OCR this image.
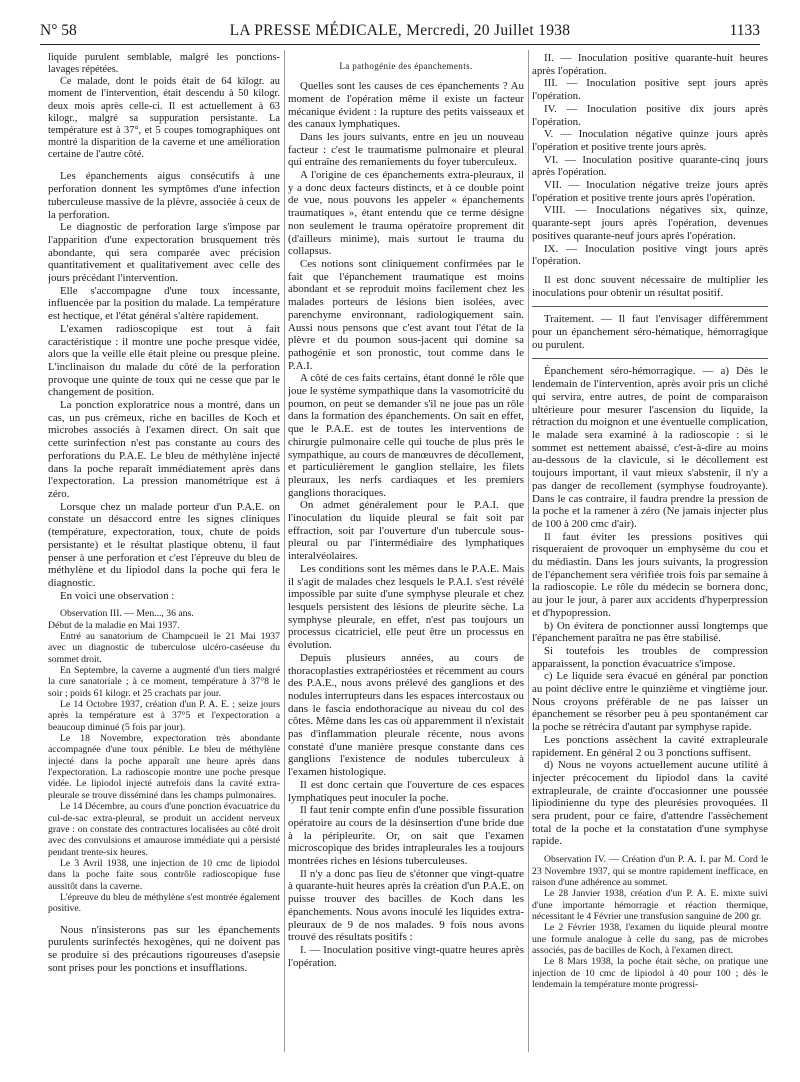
LA PRESSE MÉDICALE, Mercredi, 20 Juillet 1938
N° 58	1133

liquide purulent semblable, malgré les ponctions-lavages répétées.

Ce malade, dont le poids était de 64 kilogr. au moment de l'intervention, était descendu à 50 kilogr. deux mois après celle-ci. Il est actuellement à 63 kilogr., malgré sa suppuration persistante. La température est à 37°, et 5 coupes tomographiques ont montré la disparition de la caverne et une amélioration certaine de l'autre côté.

Les épanchements aigus consécutifs à une perforation donnent les symptômes d'une infection tuberculeuse massive de la plèvre, associée à ceux de la perforation.

Le diagnostic de perforation large s'impose par l'apparition d'une expectoration brusquement très abondante, qui sera comparée avec précision quantitativement et qualitativement avec celle des jours précédant l'intervention.

Elle s'accompagne d'une toux incessante, influencée par la position du malade. La température est hectique, et l'état général s'altère rapidement.

L'examen radioscopique est tout à fait caractéristique : il montre une poche presque vidée, alors que la veille elle était pleine ou presque pleine. L'inclinaison du malade du côté de la perforation provoque une quinte de toux qui ne cesse que par le changement de position.

La ponction exploratrice nous a montré, dans un cas, un pus crémeux, riche en bacilles de Koch et microbes associés à l'examen direct. On sait que cette surinfection n'est pas constante au cours des perforations du P.A.E. Le bleu de méthylène injecté dans la poche reparaît immédiatement après dans l'expectoration. La pression manométrique est à zéro.

Lorsque chez un malade porteur d'un P.A.E. on constate un désaccord entre les signes cliniques (température, expectoration, toux, chute de poids persistante) et le résultat plastique obtenu, il faut penser à une perforation et c'est l'épreuve du bleu de méthylène et du lipiodol dans la poche qui fera le diagnostic.

En voici une observation :

Observation III. — Men..., 36 ans.

Début de la maladie en Mai 1937.

Entré au sanatorium de Champcueil le 21 Mai 1937 avec un diagnostic de tuberculose ulcéro-caséeuse du sommet droit.

En Septembre, la caverne a augmenté d'un tiers malgré la cure sanatoriale ; à ce moment, température à 37°8 le soir ; poids 61 kilogr. et 25 crachats par jour.

Le 14 Octobre 1937, création d'un P. A. E. ; seize jours après la température est à 37°5 et l'expectoration a beaucoup diminué (5 fois par jour).

Le 18 Novembre, expectoration très abondante accompagnée d'une toux pénible. Le bleu de méthylène injecté dans la poche apparaît une heure après dans l'expectoration. La radioscopie montre une poche presque vidée. Le lipiodol injecté autrefois dans la cavité extra-pleurale se trouve disséminé dans les champs pulmonaires.

Le 14 Décembre, au cours d'une ponction évacuatrice du cul-de-sac extra-pleural, se produit un accident nerveux grave : on constate des contractures localisées au côté droit avec des convulsions et amaurose immédiate qui a persisté pendant trente-six heures.

Le 3 Avril 1938, une injection de 10 cmc de lipiodol dans la poche faite sous contrôle radioscopique fuse aussitôt dans la caverne.

L'épreuve du bleu de méthylène s'est montrée également positive.

Nous n'insisterons pas sur les épanchements purulents surinfectés hexogènes, qui ne doivent pas se produire si des précautions rigoureuses d'asepsie sont prises pour les ponctions et insufflations.

La pathogénie des épanchements.

Quelles sont les causes de ces épanchements ? Au moment de l'opération même il existe un facteur mécanique évident : la rupture des petits vaisseaux et des canaux lymphatiques.

Dans les jours suivants, entre en jeu un nouveau facteur : c'est le traumatisme pulmonaire et pleural qui entraîne des remaniements du foyer tuberculeux.

A l'origine de ces épanchements extra-pleuraux, il y a donc deux facteurs distincts, et à ce double point de vue, nous pouvons les appeler « épanchements traumatiques », étant entendu que ce terme désigne non seulement le trauma opératoire proprement dit (d'ailleurs minime), mais surtout le trauma du collapsus.

Ces notions sont cliniquement confirmées par le fait que l'épanchement traumatique est moins abondant et se reproduit moins facilement chez les malades porteurs de lésions bien isolées, avec parenchyme environnant, radiologiquement sain. Aussi nous pensons que c'est avant tout l'état de la plèvre et du poumon sous-jacent qui domine sa pathogénie et son pronostic, tout comme dans le P.A.I.

A côté de ces faits certains, étant donné le rôle que joue le système sympathique dans la vasomotricité du poumon, on peut se demander s'il ne joue pas un rôle dans la formation des épanchements. On sait en effet, que le P.A.E. est de toutes les interventions de chirurgie pulmonaire celle qui touche de plus près le sympathique, au cours de manœuvres de décollement, et particulièrement le ganglion stellaire, les filets pleuraux, les nerfs cardiaques et les premiers ganglions thoraciques.

On admet généralement pour le P.A.I. que l'inoculation du liquide pleural se fait soit par effraction, soit par l'ouverture d'un tubercule sous-pleural ou par l'intermédiaire des lymphatiques interalvéolaires.

Les conditions sont les mêmes dans le P.A.E. Mais il s'agit de malades chez lesquels le P.A.I. s'est révélé impossible par suite d'une symphyse pleurale et chez lesquels persistent des lésions de pleurite sèche. La symphyse pleurale, en effet, n'est pas toujours un processus cicatriciel, elle peut être un processus en évolution.

Depuis plusieurs années, au cours de thoracoplasties extrapériostées et récemment au cours des P.A.E., nous avons prélevé des ganglions et des nodules interrupteurs dans les espaces intercostaux ou dans le fascia endothoracique au niveau du col des côtes. Même dans les cas où apparemment il n'existait pas d'inflammation pleurale récente, nous avons constaté d'une manière presque constante dans ces ganglions l'existence de nodules tuberculeux à l'examen histologique.

Il est donc certain que l'ouverture de ces espaces lymphatiques peut inoculer la poche.

Il faut tenir compte enfin d'une possible fissuration opératoire au cours de la désinsertion d'une bride due à la péripleurite. Or, on sait que l'examen microscopique des brides intrapleurales les a toujours montrées riches en lésions tuberculeuses.

Il n'y a donc pas lieu de s'étonner que vingt-quatre à quarante-huit heures après la création d'un P.A.E. on puisse trouver des bacilles de Koch dans les épanchements. Nous avons inoculé les liquides extra-pleuraux de 9 de nos malades. 9 fois nous avons trouvé des résultats positifs :

I. — Inoculation positive vingt-quatre heures après l'opération.

II. — Inoculation positive quarante-huit heures après l'opération.

III. — Inoculation positive sept jours après l'opération.

IV. — Inoculation positive dix jours après l'opération.

V. — Inoculation négative quinze jours après l'opération et positive trente jours après.

VI. — Inoculation positive quarante-cinq jours après l'opération.

VII. — Inoculation négative treize jours après l'opération et positive trente jours après l'opération.

VIII. — Inoculations négatives six, quinze, quarante-sept jours après l'opération, devenues positives quarante-neuf jours après l'opération.

IX. — Inoculation positive vingt jours après l'opération.

Il est donc souvent nécessaire de multiplier les inoculations pour obtenir un résultat positif.

Traitement. — Il faut l'envisager différemment pour un épanchement séro-hématique, hémorragique ou purulent.

Épanchement séro-hémorragique. — a) Dès le lendemain de l'intervention, après avoir pris un cliché qui servira, entre autres, de point de comparaison ultérieure pour mesurer l'ascension du liquide, la rétraction du moignon et une éventuelle complication, le malade sera examiné à la radioscopie : si le sommet est nettement abaissé, c'est-à-dire au moins au-dessous de la clavicule, si le décollement est toujours important, il vaut mieux s'abstenir, il n'y a pas danger de recollement (symphyse foudroyante). Dans le cas contraire, il faudra prendre la pression de la poche et la ramener à zéro (Ne jamais injecter plus de 100 à 200 cmc d'air).

Il faut éviter les pressions positives qui risqueraient de provoquer un emphysème du cou et du médiastin. Dans les jours suivants, la progression de l'épanchement sera vérifiée trois fois par semaine à la radioscopie. Le rôle du médecin se bornera donc, au jour le jour, à parer aux accidents d'hyperpression et d'hypopression.

b) On évitera de ponctionner aussi longtemps que l'épanchement paraîtra ne pas être stabilisé.

Si toutefois les troubles de compression apparaissent, la ponction évacuatrice s'impose.

c) Le liquide sera évacué en général par ponction au point déclive entre le quinzième et vingtième jour. Nous croyons préférable de ne pas laisser un épanchement se résorber peu à peu spontanément car la poche se rétrécira d'autant par symphyse rapide.

Les ponctions assèchent la cavité extrapleurale rapidement. En général 2 ou 3 ponctions suffisent.

d) Nous ne voyons actuellement aucune utilité à injecter précocement du lipiodol dans la cavité extrapleurale, de crainte d'occasionner une poussée lipiodinienne du type des pleurésies provoquées. Il sera prudent, pour ce faire, d'attendre l'assèchement total de la poche et la constatation d'une symphyse rapide.

Observation IV. — Création d'un P. A. I. par M. Cord le 23 Novembre 1937, qui se montre rapidement inefficace, en raison d'une adhérence au sommet.

Le 28 Janvier 1938, création d'un P. A. E. mixte suivi d'une importante hémorragie et réaction thermique, nécessitant le 4 Février une transfusion sanguine de 200 gr.

Le 2 Février 1938, l'examen du liquide pleural montre une formule analogue à celle du sang, pas de microbes associés, pas de bacilles de Koch, à l'examen direct.

Le 8 Mars 1938, la poche était sèche, on pratique une injection de 10 cmc de lipiodol à 40 pour 100 ; dès le lendemain la température monte progressi-
